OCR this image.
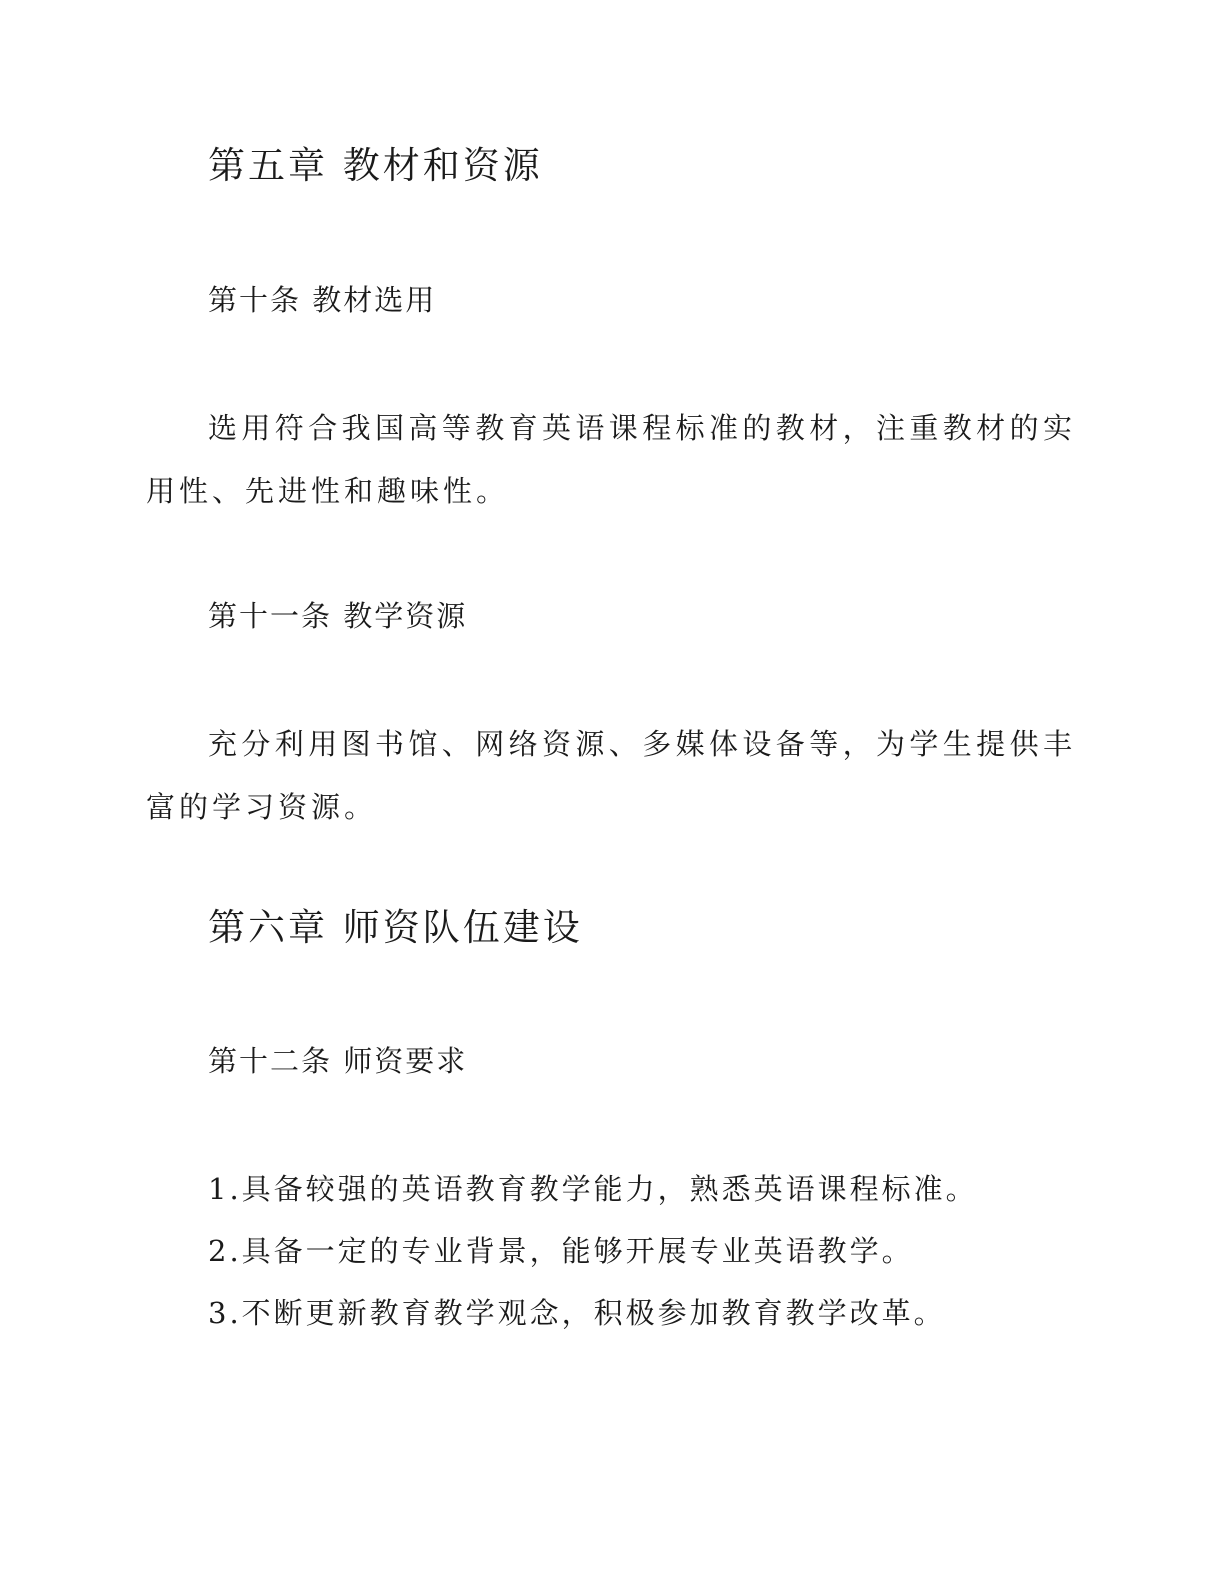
第五章 教材和资源
第十条 教材选用

选用符合我国高等教育英语课程标准的教材，注重教材的实用性、先进性和趣味性。

第十一条 教学资源

充分利用图书馆、网络资源、多媒体设备等，为学生提供丰富的学习资源。

第六章 师资队伍建设
第十二条 师资要求
1.具备较强的英语教育教学能力，熟悉英语课程标准。
2.具备一定的专业背景，能够开展专业英语教学。
3.不断更新教育教学观念，积极参加教育教学改革。
